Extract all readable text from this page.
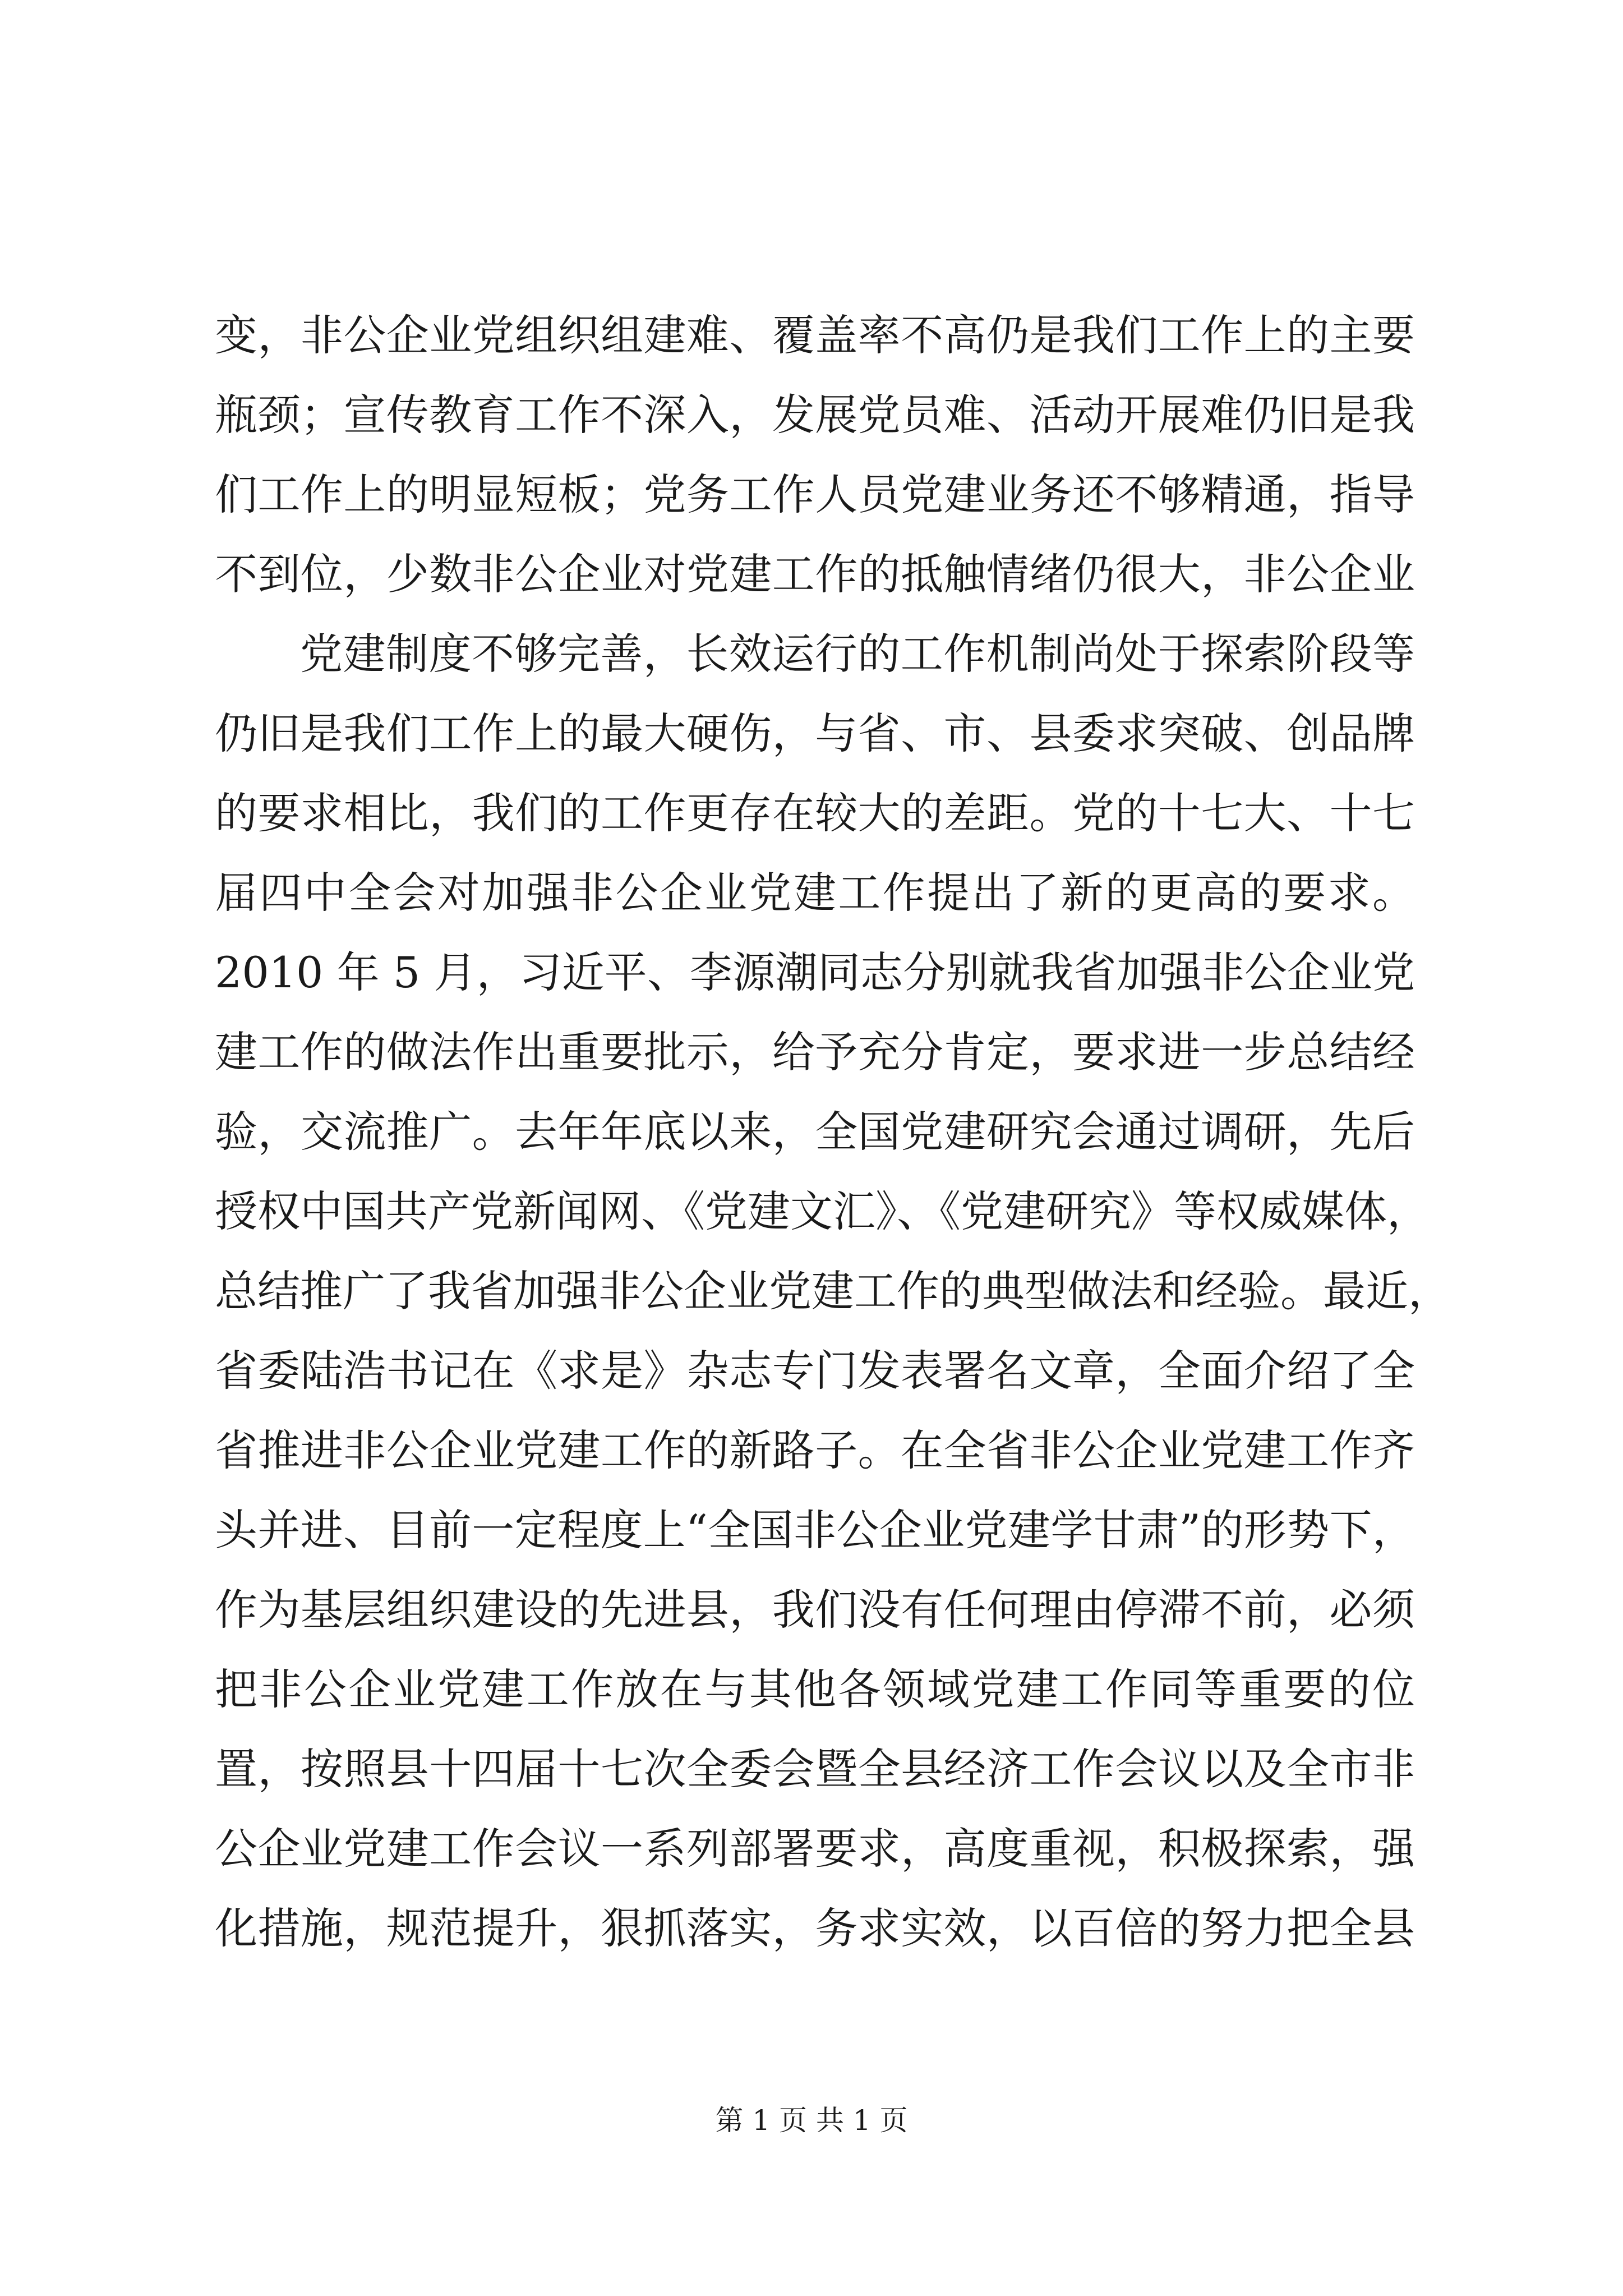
变，非公企业党组织组建难、覆盖率不高仍是我们工作上的主要
瓶颈；宣传教育工作不深入，发展党员难、活动开展难仍旧是我
们工作上的明显短板；党务工作人员党建业务还不够精通，指导
不到位，少数非公企业对党建工作的抵触情绪仍很大，非公企业
党建制度不够完善，长效运行的工作机制尚处于探索阶段等
仍旧是我们工作上的最大硬伤，与省、市、县委求突破、创品牌
的要求相比，我们的工作更存在较大的差距。党的十七大、十七
届四中全会对加强非公企业党建工作提出了新的更高的要求。
2010 年 5 月，习近平、李源潮同志分别就我省加强非公企业党
建工作的做法作出重要批示，给予充分肯定，要求进一步总结经
验，交流推广。去年年底以来，全国党建研究会通过调研，先后
授权中国共产党新闻网、《党建文汇》、《党建研究》等权威媒体，
总结推广了我省加强非公企业党建工作的典型做法和经验。最近，
省委陆浩书记在《求是》杂志专门发表署名文章，全面介绍了全
省推进非公企业党建工作的新路子。在全省非公企业党建工作齐
头并进、目前一定程度上“全国非公企业党建学甘肃”的形势下，
作为基层组织建设的先进县，我们没有任何理由停滞不前，必须
把非公企业党建工作放在与其他各领域党建工作同等重要的位
置，按照县十四届十七次全委会暨全县经济工作会议以及全市非
公企业党建工作会议一系列部署要求，高度重视，积极探索，强
化措施，规范提升，狠抓落实，务求实效，以百倍的努力把全县
第 1 页 共 1 页
